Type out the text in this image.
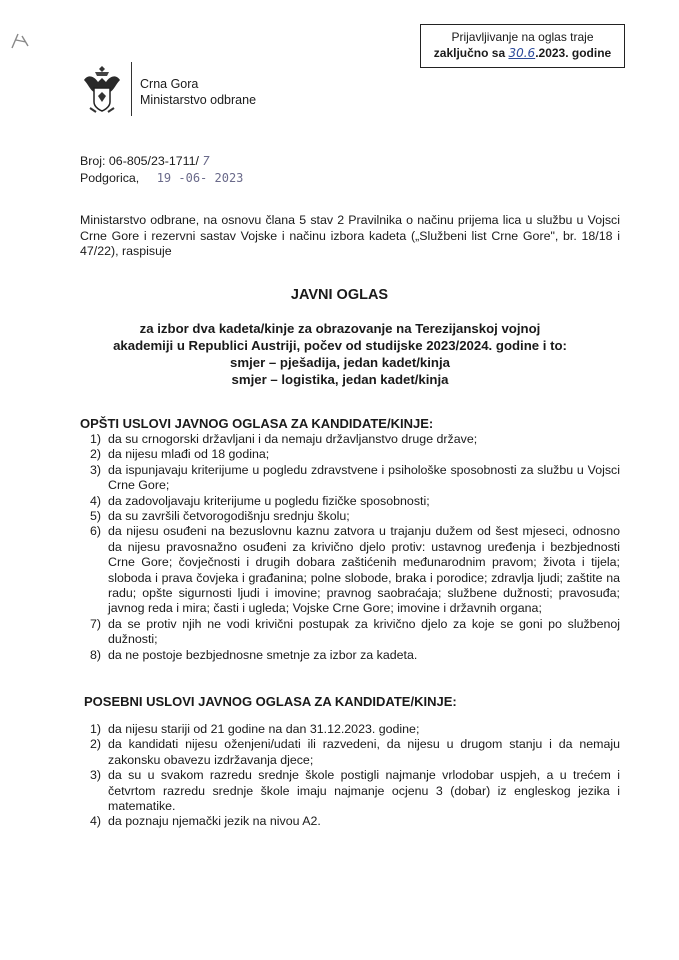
Prijavljivanje na oglas traje
zaključno sa 30.6.2023. godine
Crna Gora
Ministarstvo odbrane
Broj: 06-805/23-1711/ 7
Podgorica, 19 -06- 2023
Ministarstvo odbrane, na osnovu člana 5 stav 2 Pravilnika o načinu prijema lica u službu u Vojsci Crne Gore i rezervni sastav Vojske i načinu izbora kadeta („Službeni list Crne Gore", br. 18/18 i 47/22), raspisuje
JAVNI OGLAS
za izbor dva kadeta/kinje za obrazovanje na Terezijanskoj vojnoj
akademiji u Republici Austriji, počev od studijske 2023/2024. godine i to:
smjer – pješadija, jedan kadet/kinja
smjer – logistika, jedan kadet/kinja
OPŠTI USLOVI JAVNOG OGLASA ZA KANDIDATE/KINJE:
1) da su crnogorski državljani i da nemaju državljanstvo druge države;
2) da nijesu mlađi od 18 godina;
3) da ispunjavaju kriterijume u pogledu zdravstvene i psihološke sposobnosti za službu u Vojsci Crne Gore;
4) da zadovoljavaju kriterijume u pogledu fizičke sposobnosti;
5) da su završili četvorogodišnju srednju školu;
6) da nijesu osuđeni na bezuslovnu kaznu zatvora u trajanju dužem od šest mjeseci, odnosno da nijesu pravosnažno osuđeni za krivično djelo protiv: ustavnog uređenja i bezbjednosti Crne Gore; čovječnosti i drugih dobara zaštićenih međunarodnim pravom; života i tijela; sloboda i prava čovjeka i građanina; polne slobode, braka i porodice; zdravlja ljudi; zaštite na radu; opšte sigurnosti ljudi i imovine; pravnog saobraćaja; službene dužnosti; pravosuđa; javnog reda i mira; časti i ugleda; Vojske Crne Gore; imovine i državnih organa;
7) da se protiv njih ne vodi krivični postupak za krivično djelo za koje se goni po službenoj dužnosti;
8) da ne postoje bezbjednosne smetnje za izbor za kadeta.
POSEBNI USLOVI JAVNOG OGLASA ZA KANDIDATE/KINJE:
1) da nijesu stariji od 21 godine na dan 31.12.2023. godine;
2) da kandidati nijesu oženjeni/udati ili razvedeni, da nijesu u drugom stanju i da nemaju zakonsku obavezu izdržavanja djece;
3) da su u svakom razredu srednje škole postigli najmanje vrlodobar uspjeh, a u trećem i četvrtom razredu srednje škole imaju najmanje ocjenu 3 (dobar) iz engleskog jezika i matematike.
4) da poznaju njemački jezik na nivou A2.
